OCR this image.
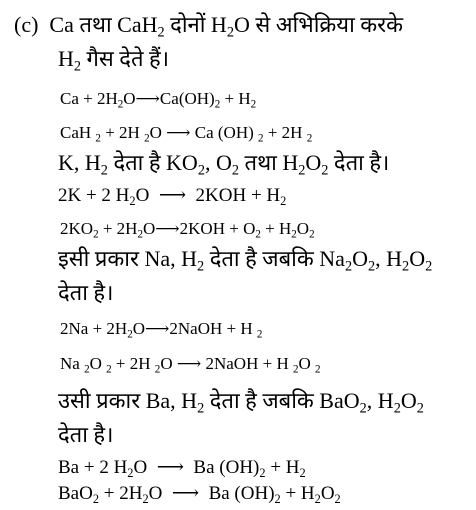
(c)  Ca तथा CaH$_2$ दोनों $H_2O$ से अभिक्रिया करके
$H_2$ गैस देते हैं।
$Ca + 2H_2O⟶Ca(OH)_2 + H_2$
CaH $_2$ + 2H $_2$O ⟶ Ca (OH) $_2$ + 2H $_2$
K, $H_2$ देता है $KO_2$, $O_2$ तथा $H_2O_2$ देता है।
2K + 2 $H_2O$  ⟶  $2KOH + H_2$
$2KO_2$ + $2H_2O⟶2KOH + O_2 + H_2O_2$
इसी प्रकार Na, $H_2$ देता है जबकि $Na_2O_2$, $H_2O_2$
देता है।
$2Na + 2H_2O⟶2NaOH + H$ $_2$
Na $_2$O $_2$ + 2H $_2$O ⟶ 2NaOH + H $_2$O $_2$
उसी प्रकार Ba, $H_2$ देता है जबकि BaO$_2$, $H_2O_2$
देता है।
Ba + 2 $H_2O$  ⟶  Ba $(OH)_2 + H_2$
$BaO_2 + 2H_2O$  ⟶  Ba $(OH)_2 + H_2O_2$
